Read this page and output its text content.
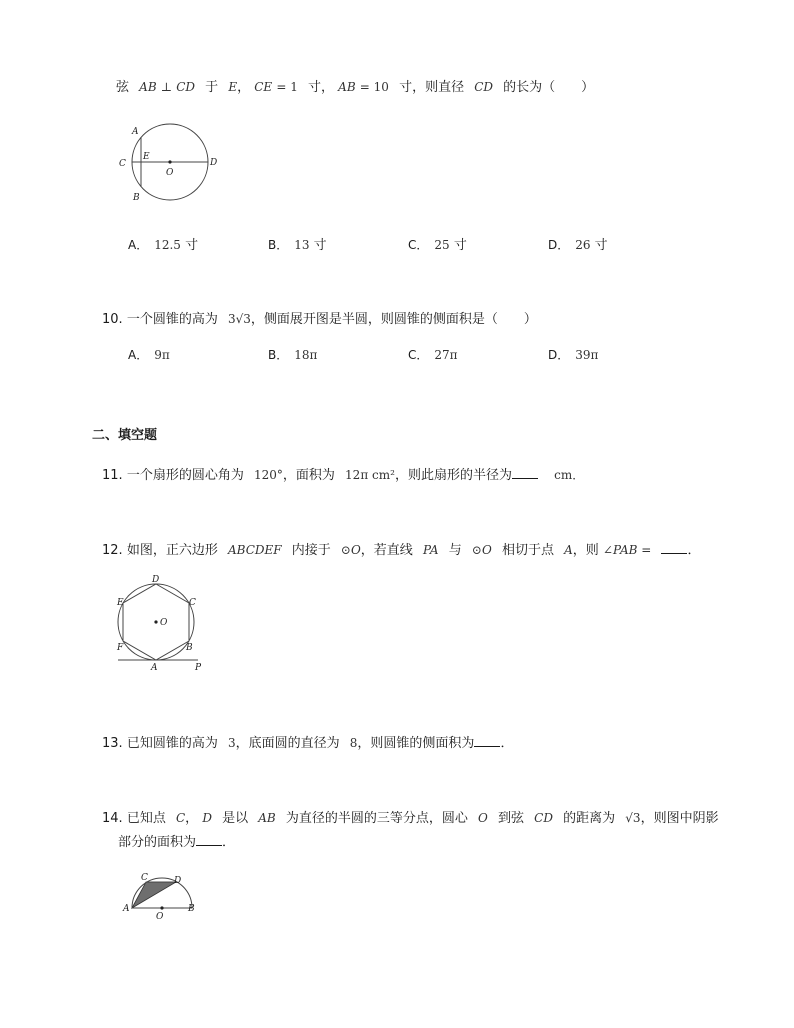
弦 AB ⊥ CD 于 E， CE = 1 寸， AB = 10 寸，则直径 CD 的长为（　　）
A
C
E
O
D
B
A． 12.5 寸	B． 13 寸	C． 25 寸	D． 26 寸
10. 一个圆锥的高为 3√3，侧面展开图是半圆，则圆锥的侧面积是（　　）
A． 9π	B． 18π	C． 27π	D． 39π
二、填空题
11. 一个扇形的圆心角为 120°，面积为 12π cm²，则此扇形的半径为	cm．
12. 如图，正六边形 ABCDEF 内接于 ⊙O，若直线 PA 与 ⊙O 相切于点 A，则 ∠PAB =	．
D
E	C
O
F	B
A	P
13. 已知圆锥的高为 3，底面圆的直径为 8，则圆锥的侧面积为 ．
14. 已知点 C， D 是以 AB 为直径的半圆的三等分点，圆心 O 到弦 CD 的距离为 √3，则图中阴影
部分的面积为 ．
C	D
A
O
B
